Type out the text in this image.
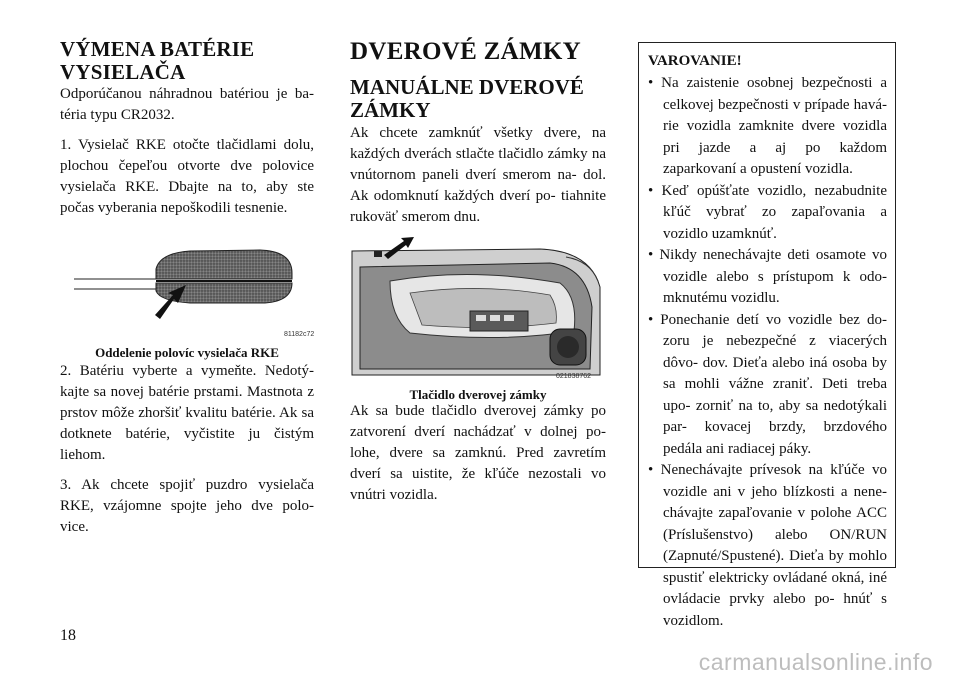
VÝMENA BATÉRIE VYSIELAČA

Odporúčanou náhradnou batériou je ba- téria typu CR2032.

1. Vysielač RKE otočte tlačidlami dolu, plochou čepeľou otvorte dve polovice vysielača RKE. Dbajte na to, aby ste počas vyberania nepoškodili tesnenie.

81182c72
Oddelenie polovíc vysielača RKE

2. Batériu vyberte a vymeňte. Nedotý- kajte sa novej batérie prstami. Mastnota z prstov môže zhoršiť kvalitu batérie. Ak sa dotknete batérie, vyčistite ju čistým liehom.

3. Ak chcete spojiť puzdro vysielača RKE, vzájomne spojte jeho dve polo- vice.

DVEROVÉ ZÁMKY
MANUÁLNE DVEROVÉ ZÁMKY

Ak chcete zamknúť všetky dvere, na každých dverách stlačte tlačidlo zámky na vnútornom paneli dverí smerom na- dol. Ak odomknutí každých dverí po- tiahnite rukoväť smerom dnu.

021838762
Tlačidlo dverovej zámky

Ak sa bude tlačidlo dverovej zámky po zatvorení dverí nachádzať v dolnej po- lohe, dvere sa zamknú. Pred zavretím dverí sa uistite, že kľúče nezostali vo vnútri vozidla.

VAROVANIE!
• Na zaistenie osobnej bezpečnosti a celkovej bezpečnosti v prípade havá- rie vozidla zamknite dvere vozidla pri jazde a aj po každom zaparkovaní a opustení vozidla.
• Keď opúšťate vozidlo, nezabudnite kľúč vybrať zo zapaľovania a vozidlo uzamknúť.
• Nikdy nenechávajte deti osamote vo vozidle alebo s prístupom k odo- mknutému vozidlu.
• Ponechanie detí vo vozidle bez do- zoru je nebezpečné z viacerých dôvo- dov. Dieťa alebo iná osoba by sa mohli vážne zraniť. Deti treba upo- zorniť na to, aby sa nedotýkali par- kovacej brzdy, brzdového pedála ani radiacej páky.
• Nenechávajte prívesok na kľúče vo vozidle ani v jeho blízkosti a nene- chávajte zapaľovanie v polohe ACC (Príslušenstvo) alebo ON/RUN (Zapnuté/Spustené). Dieťa by mohlo spustiť elektricky ovládané okná, iné ovládacie prvky alebo po- hnúť s vozidlom.
18
carmanualsonline.info
